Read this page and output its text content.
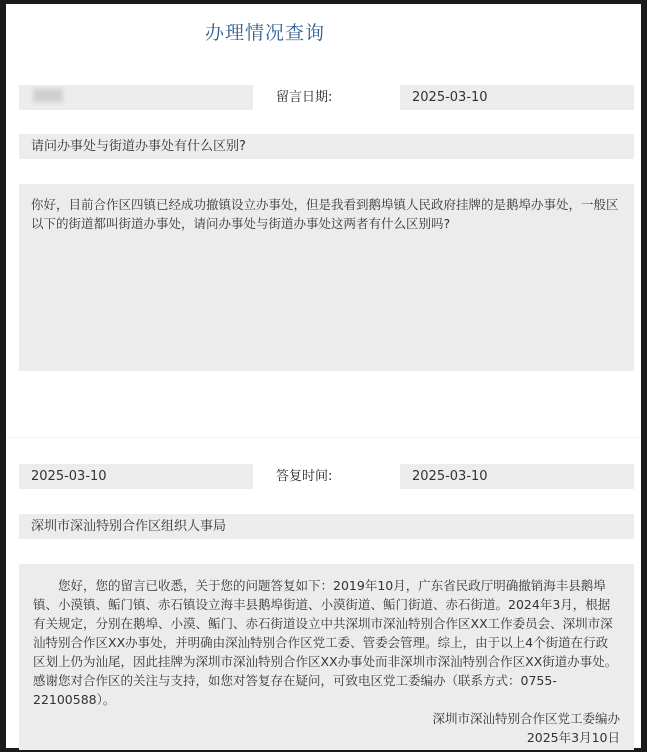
办理情况查询
留言日期:	2025-03-10
请问办事处与街道办事处有什么区别?
你好，目前合作区四镇已经成功撤镇设立办事处，但是我看到鹅埠镇人民政府挂牌的是鹅埠办事处，一般区以下的街道都叫街道办事处，请问办事处与街道办事处这两者有什么区别吗?
2025-03-10	答复时间:	2025-03-10
深圳市深汕特别合作区组织人事局

您好，您的留言已收悉，关于您的问题答复如下：2019年10月，广东省民政厅明确撤销海丰县鹅埠镇、小漠镇、鲘门镇、赤石镇设立海丰县鹅埠街道、小漠街道、鲘门街道、赤石街道。2024年3月，根据有关规定，分别在鹅埠、小漠、鲘门、赤石街道设立中共深圳市深汕特别合作区XX工作委员会、深圳市深汕特别合作区XX办事处，并明确由深汕特别合作区党工委、管委会管理。综上，由于以上4个街道在行政区划上仍为汕尾，因此挂牌为深圳市深汕特别合作区XX办事处而非深圳市深汕特别合作区XX街道办事处。感谢您对合作区的关注与支持，如您对答复存在疑问，可致电区党工委编办（联系方式：0755-22100588）。

深圳市深汕特别合作区党工委编办

2025年3月10日
